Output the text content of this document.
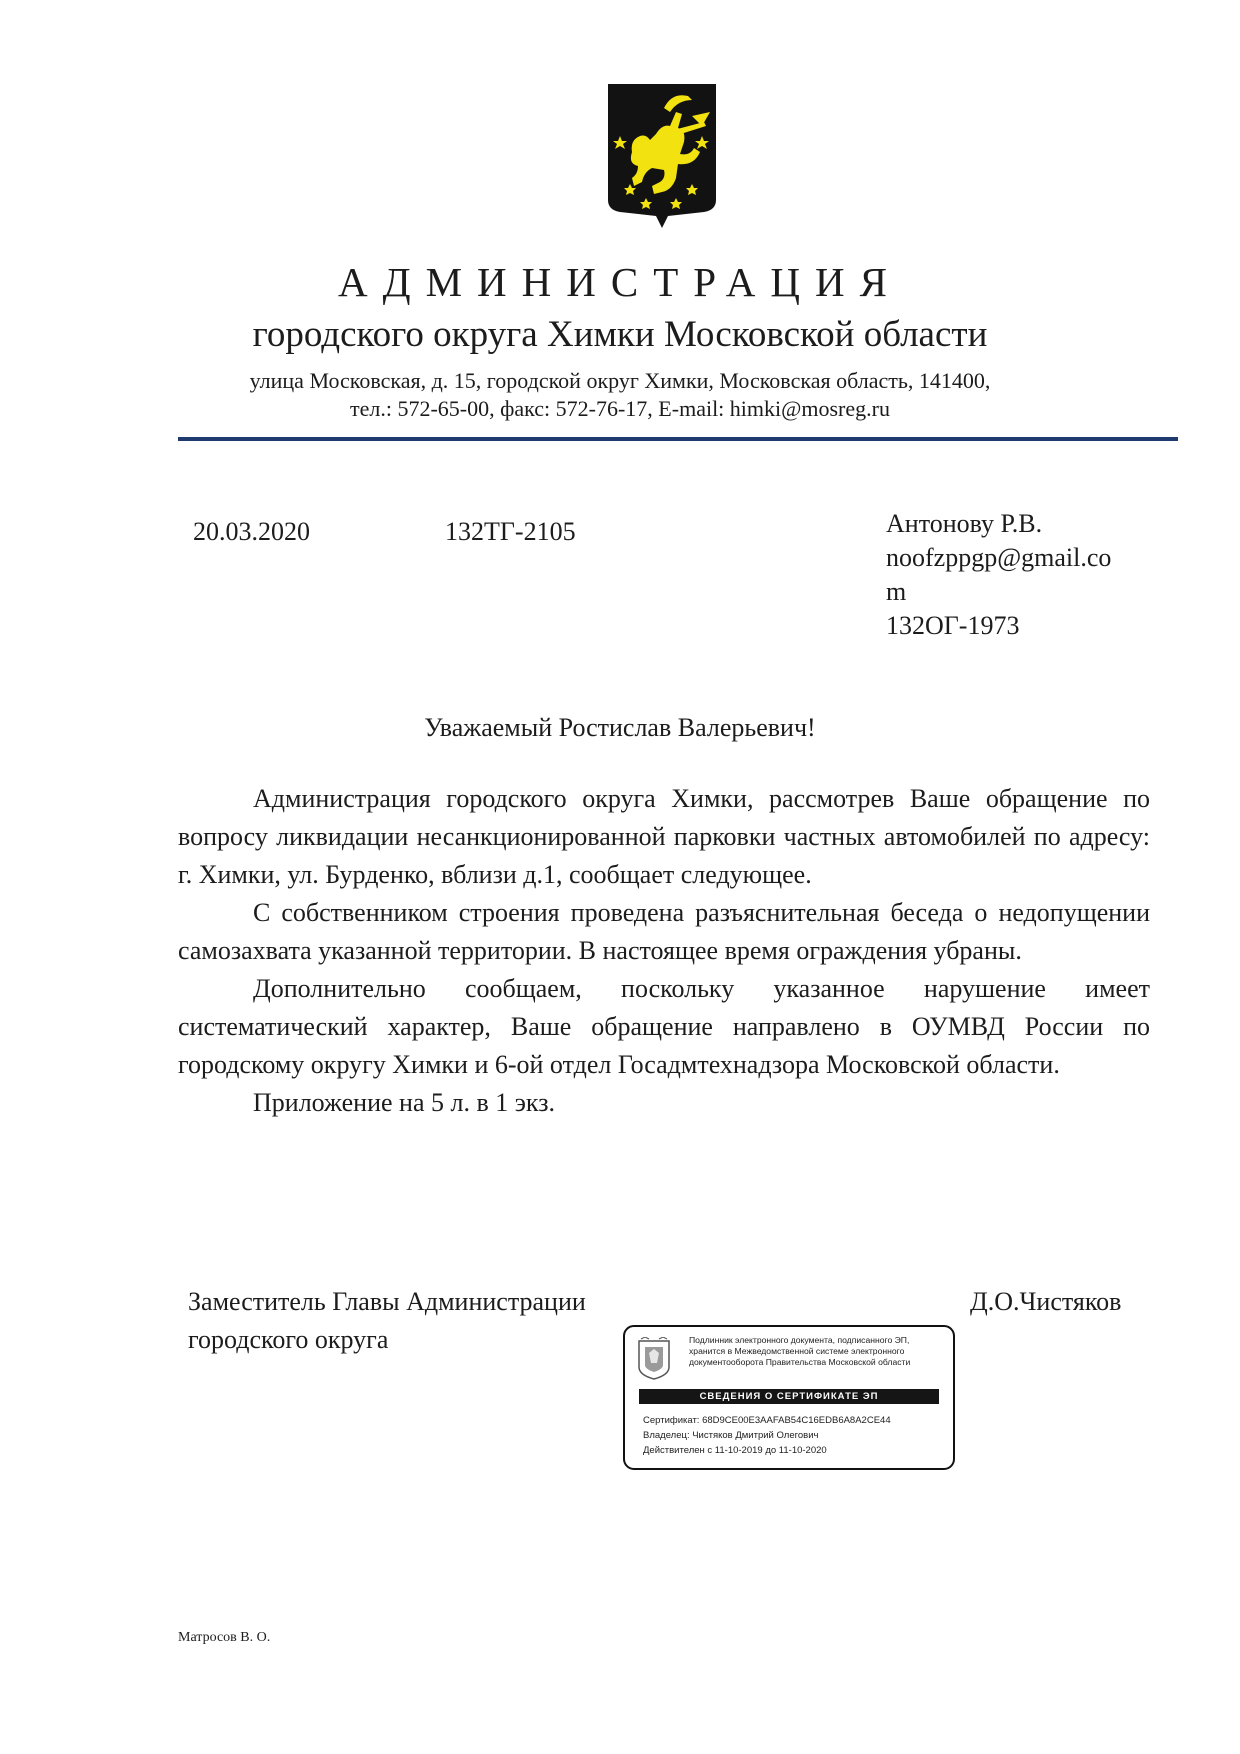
АДМИНИСТРАЦИЯ
городского округа Химки Московской области
улица Московская, д. 15, городской округ Химки, Московская область, 141400,
тел.: 572-65-00, факс: 572-76-17, E-mail: himki@mosreg.ru
20.03.2020	132ТГ-2105	Антонову Р.В.
noofzppgp@gmail.co
m
132ОГ-1973
Уважаемый Ростислав Валерьевич!

Администрация городского округа Химки, рассмотрев Ваше обращение по вопросу ликвидации несанкционированной парковки частных автомобилей по адресу: г. Химки, ул. Бурденко, вблизи д.1, сообщает следующее.

С собственником строения проведена разъяснительная беседа о недопущении самозахвата указанной территории. В настоящее время ограждения убраны.

Дополнительно сообщаем, поскольку указанное нарушение имеет систематический характер, Ваше обращение направлено в ОУМВД России по городскому округу Химки и 6-ой отдел Госадмтехнадзора Московской области.

Приложение на 5 л. в 1 экз.

Заместитель Главы Администрации
городского округа
Д.О.Чистяков
Подлинник электронного документа, подписанного ЭП,
хранится в Межведомственной системе электронного
документооборота Правительства Московской области
СВЕДЕНИЯ О СЕРТИФИКАТЕ ЭП
Сертификат: 68D9CE00E3AAFAB54C16EDB6A8A2CE44
Владелец: Чистяков Дмитрий Олегович
Действителен с 11-10-2019 до 11-10-2020
Матросов В. О.
